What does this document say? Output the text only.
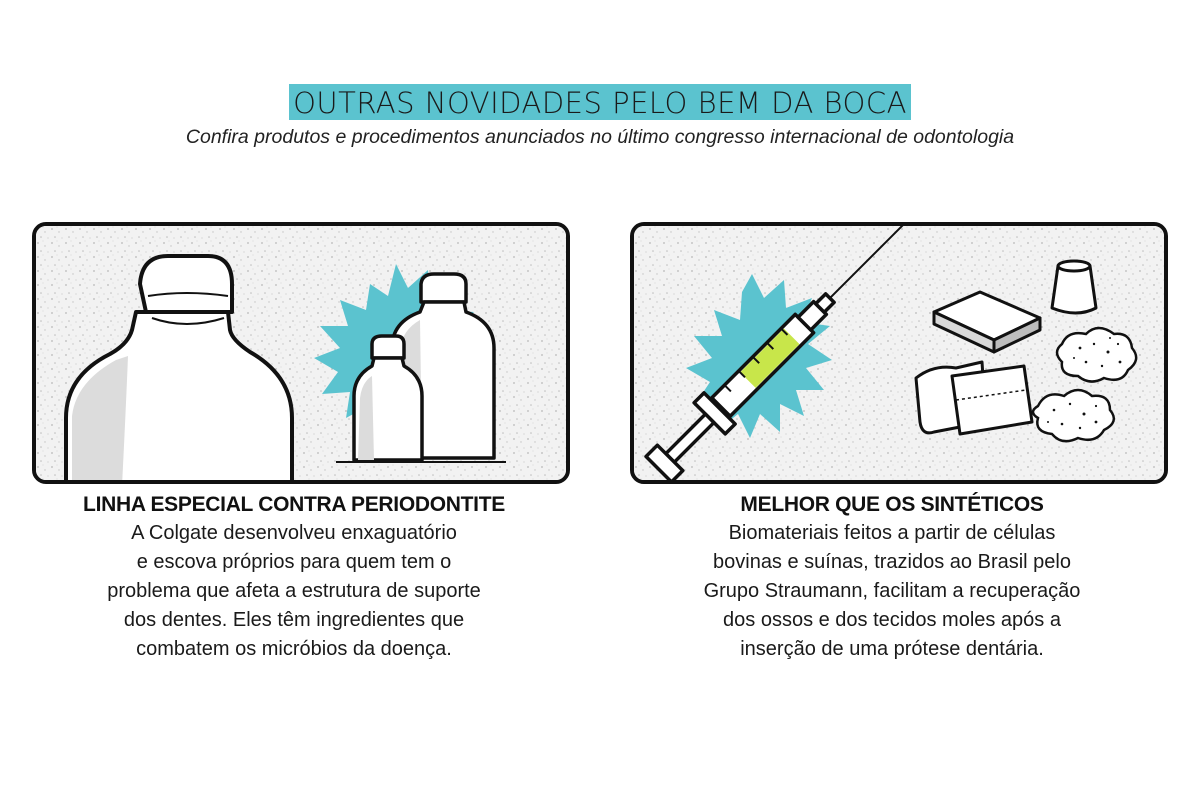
OUTRAS NOVIDADES PELO BEM DA BOCA
Confira produtos e procedimentos anunciados no último congresso internacional de odontologia
LINHA ESPECIAL CONTRA PERIODONTITE
A Colgate desenvolveu enxaguatório
e escova próprios para quem tem o
problema que afeta a estrutura de suporte
dos dentes. Eles têm ingredientes que
combatem os micróbios da doença.
MELHOR QUE OS SINTÉTICOS
Biomateriais feitos a partir de células
bovinas e suínas, trazidos ao Brasil pelo
Grupo Straumann, facilitam a recuperação
dos ossos e dos tecidos moles após a
inserção de uma prótese dentária.
